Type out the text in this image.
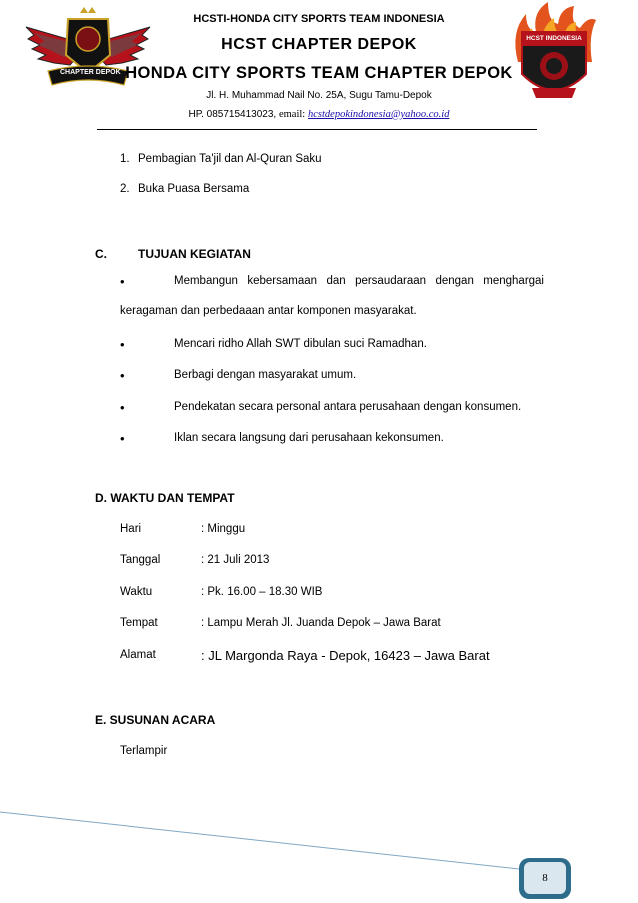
CHAPTER DEPOK
HCST INDONESIA
HCSTI-HONDA CITY SPORTS TEAM INDONESIA
HCST CHAPTER DEPOK
HONDA CITY SPORTS TEAM CHAPTER DEPOK
Jl. H. Muhammad Nail No. 25A, Sugu Tamu-Depok
HP. 085715413023, email: hcstdepokindonesia@yahoo.co.id
1. Pembagian Ta'jil dan Al-Quran Saku
2. Buka Puasa Bersama
C.	TUJUAN KEGIATAN
•	Membangun kebersamaan dan persaudaraan dengan menghargai
keragaman dan perbedaaan antar komponen masyarakat.
•	Mencari ridho Allah SWT dibulan suci Ramadhan.
•	Berbagi dengan masyarakat umum.
•	Pendekatan secara personal antara perusahaan dengan konsumen.
•	Iklan secara langsung dari perusahaan kekonsumen.
D. WAKTU DAN TEMPAT
Hari	: Minggu
Tanggal	: 21 Juli 2013
Waktu	: Pk. 16.00 – 18.30 WIB
Tempat	: Lampu Merah Jl. Juanda Depok – Jawa Barat
Alamat	: JL Margonda Raya - Depok, 16423 – Jawa Barat
E. SUSUNAN ACARA
Terlampir
8
